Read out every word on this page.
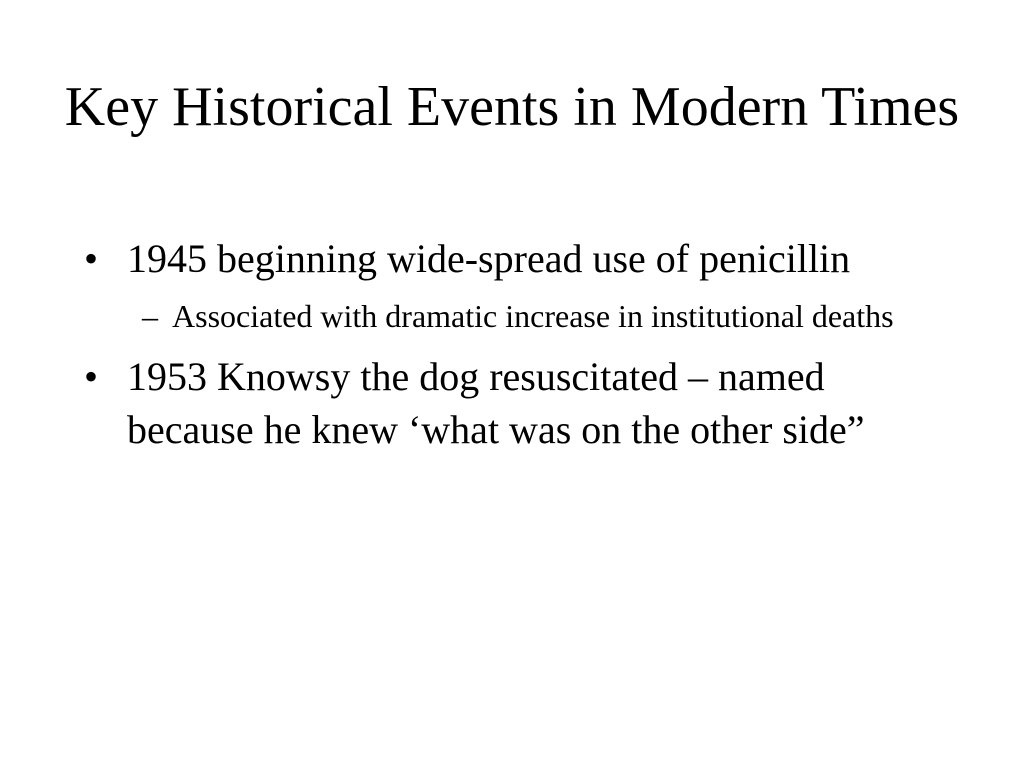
Key Historical Events in Modern Times
• 1945 beginning wide-spread use of penicillin
– Associated with dramatic increase in institutional deaths
• 1953 Knowsy the dog resuscitated – named because he knew ‘what was on the other side”
